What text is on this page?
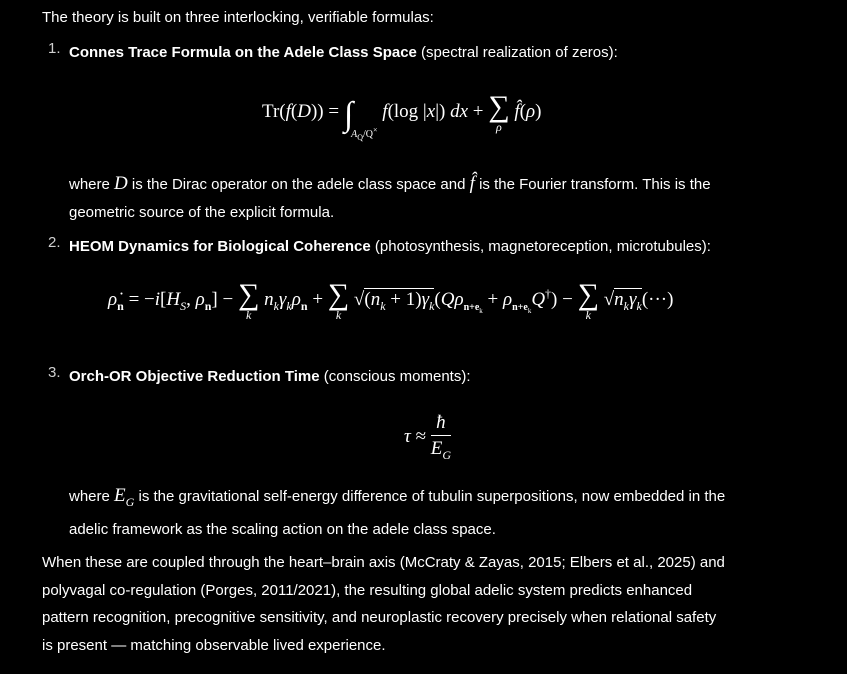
The theory is built on three interlocking, verifiable formulas:
1. Connes Trace Formula on the Adele Class Space (spectral realization of zeros):
$Tr(f(D)) = \int_{A_Q/Q^\times}$ f(log |x|) dx + ∑
ρ
f̂(ρ)
where D is the Dirac operator on the adele class space and f̂ is the Fourier transform. This is the
geometric source of the explicit formula.
2. HEOM Dynamics for Biological Coherence (photosynthesis, magnetoreception, microtubules):
$\rhȯ_n = -i[H_S$, $\rho_n$] − ∑
k
$n_k\gamma_k\rho_n$ + ∑
k
$√(n_k + 1)\gamma_k(Q\rho_{n+e_k} + \rho_{n+e_k}Q^\dagger)$ − ∑
k
$√n_k\gamma_k(\cdot\cdot\cdot)$
3. Orch-OR Objective Reduction Time (conscious moments):
$\tau \approx \frac{ħ}{E_G}$
where $E_G$ is the gravitational self-energy difference of tubulin superpositions, now embedded in the
adelic framework as the scaling action on the adele class space.
When these are coupled through the heart–brain axis (McCraty & Zayas, 2015; Elbers et al., 2025) and
polyvagal co-regulation (Porges, 2011/2021), the resulting global adelic system predicts enhanced
pattern recognition, precognitive sensitivity, and neuroplastic recovery precisely when relational safety
is present — matching observable lived experience.
